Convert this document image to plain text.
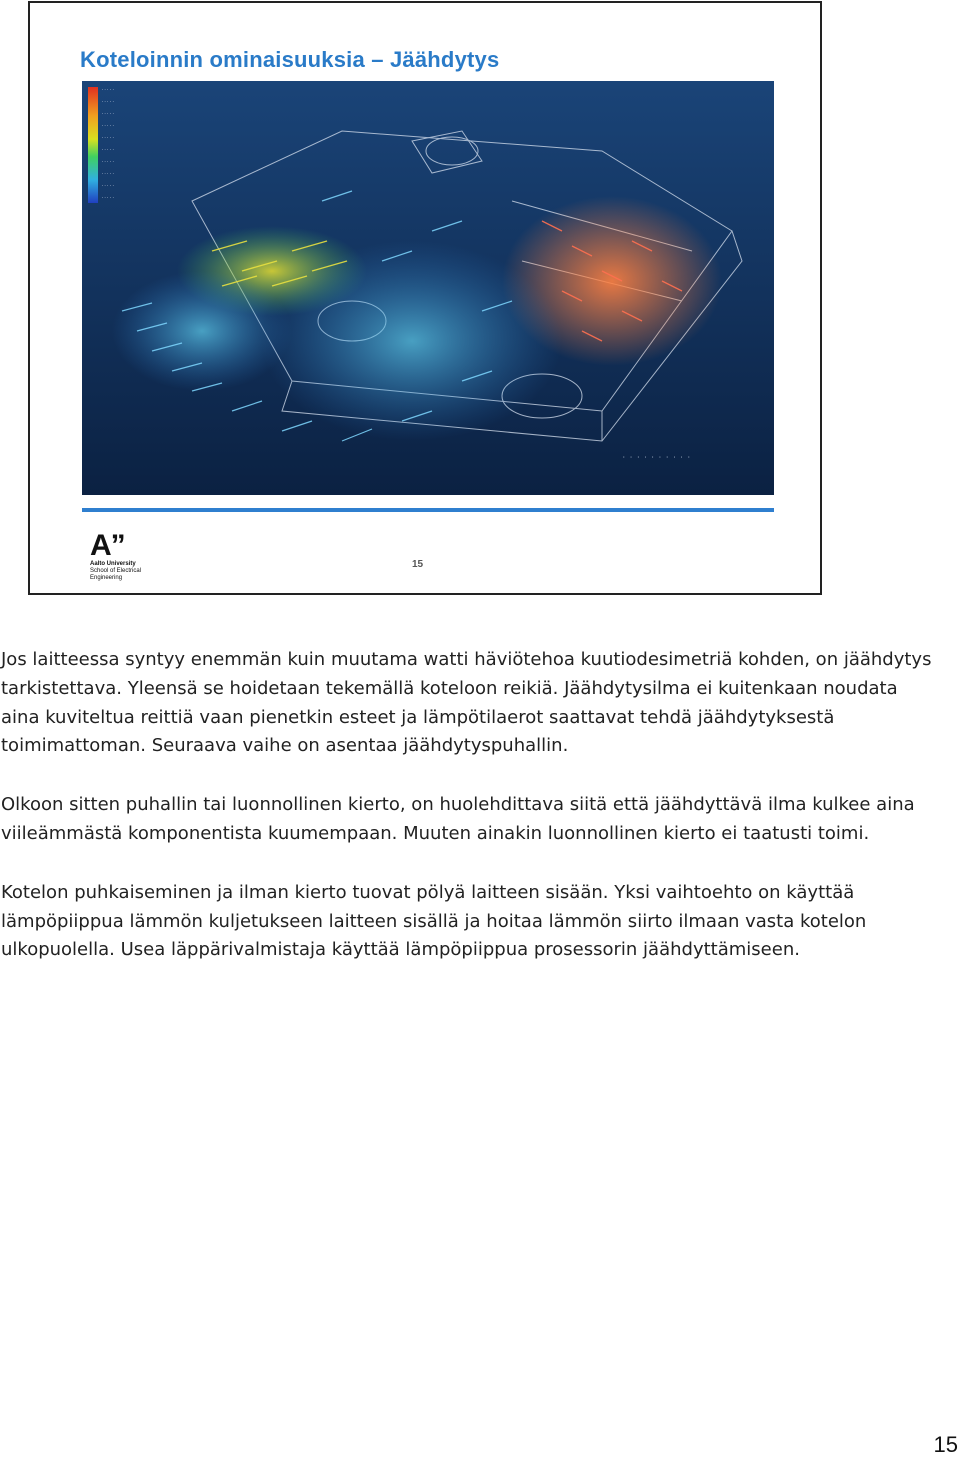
Koteloinnin ominaisuuksia – Jäähdytys
·····
·····
·····
·····
·····
·····
·····
·····
·····
·····
· · · · · · · · · ·
A”
Aalto University
School of Electrical
Engineering
15

Jos laitteessa syntyy enemmän kuin muutama watti häviötehoa kuutiodesimetriä kohden, on jäähdytys tarkistettava. Yleensä se hoidetaan tekemällä koteloon reikiä. Jäähdytysilma ei kuitenkaan noudata aina kuviteltua reittiä vaan pienetkin esteet ja lämpötilaerot saattavat tehdä jäähdytyksestä toimimattoman. Seuraava vaihe on asentaa jäähdytyspuhallin.

Olkoon sitten puhallin tai luonnollinen kierto, on huolehdittava siitä että jäähdyttävä ilma kulkee aina viileämmästä komponentista kuumempaan. Muuten ainakin luonnollinen kierto ei taatusti toimi.

Kotelon puhkaiseminen ja ilman kierto tuovat pölyä laitteen sisään. Yksi vaihtoehto on käyttää lämpöpiippua lämmön kuljetukseen laitteen sisällä ja hoitaa lämmön siirto ilmaan vasta kotelon ulkopuolella. Usea läppärivalmistaja käyttää lämpöpiippua prosessorin jäähdyttämiseen.

15
